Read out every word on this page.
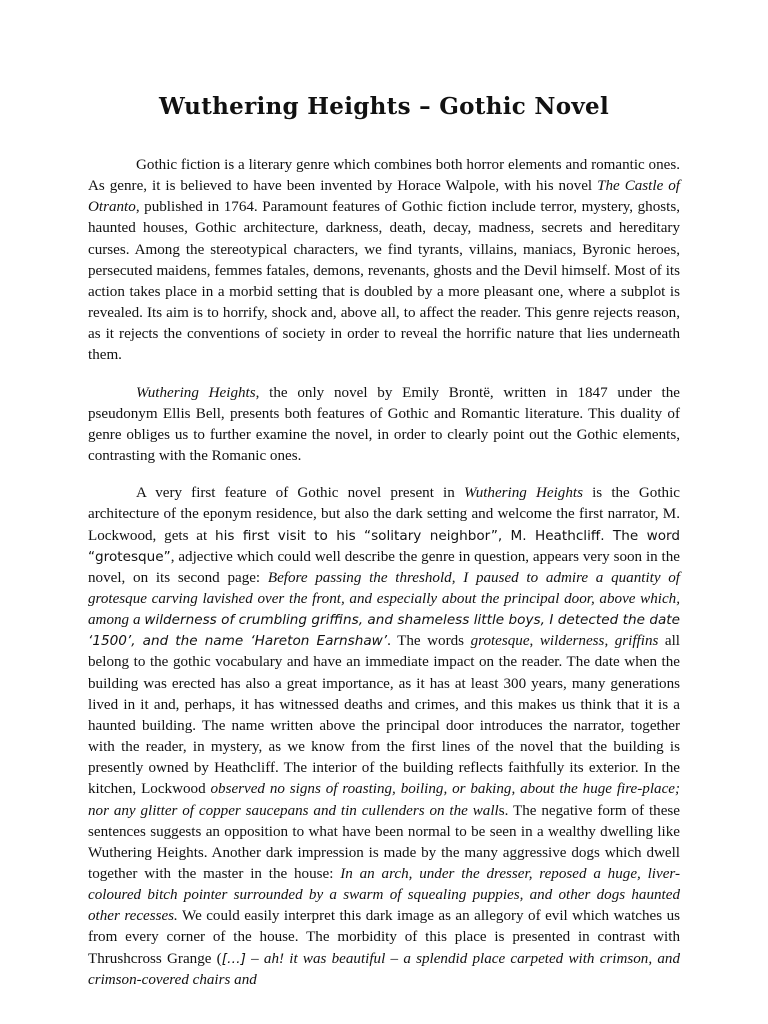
Wuthering Heights – Gothic Novel

Gothic fiction is a literary genre which combines both horror elements and romantic ones. As genre, it is believed to have been invented by Horace Walpole, with his novel The Castle of Otranto, published in 1764. Paramount features of Gothic fiction include terror, mystery, ghosts, haunted houses, Gothic architecture, darkness, death, decay, madness, secrets and hereditary curses. Among the stereotypical characters, we find tyrants, villains, maniacs, Byronic heroes, persecuted maidens, femmes fatales, demons, revenants, ghosts and the Devil himself. Most of its action takes place in a morbid setting that is doubled by a more pleasant one, where a subplot is revealed. Its aim is to horrify, shock and, above all, to affect the reader. This genre rejects reason, as it rejects the conventions of society in order to reveal the horrific nature that lies underneath them.

Wuthering Heights, the only novel by Emily Brontë, written in 1847 under the pseudonym Ellis Bell, presents both features of Gothic and Romantic literature. This duality of genre obliges us to further examine the novel, in order to clearly point out the Gothic elements, contrasting with the Romanic ones.

A very first feature of Gothic novel present in Wuthering Heights is the Gothic architecture of the eponym residence, but also the dark setting and welcome the first narrator, M. Lockwood, gets at his first visit to his “solitary neighbor”, M. Heathcliff. The word “grotesque”, adjective which could well describe the genre in question, appears very soon in the novel, on its second page: Before passing the threshold, I paused to admire a quantity of grotesque carving lavished over the front, and especially about the principal door, above which, among a wilderness of crumbling griffins, and shameless little boys, I detected the date ‘1500’, and the name ‘Hareton Earnshaw’. The words grotesque, wilderness, griffins all belong to the gothic vocabulary and have an immediate impact on the reader. The date when the building was erected has also a great importance, as it has at least 300 years, many generations lived in it and, perhaps, it has witnessed deaths and crimes, and this makes us think that it is a haunted building. The name written above the principal door introduces the narrator, together with the reader, in mystery, as we know from the first lines of the novel that the building is presently owned by Heathcliff. The interior of the building reflects faithfully its exterior. In the kitchen, Lockwood observed no signs of roasting, boiling, or baking, about the huge fire-place; nor any glitter of copper saucepans and tin cullenders on the walls. The negative form of these sentences suggests an opposition to what have been normal to be seen in a wealthy dwelling like Wuthering Heights. Another dark impression is made by the many aggressive dogs which dwell together with the master in the house: In an arch, under the dresser, reposed a huge, liver-coloured bitch pointer surrounded by a swarm of squealing puppies, and other dogs haunted other recesses. We could easily interpret this dark image as an allegory of evil which watches us from every corner of the house. The morbidity of this place is presented in contrast with Thrushcross Grange ([…] – ah! it was beautiful – a splendid place carpeted with crimson, and crimson-covered chairs and
